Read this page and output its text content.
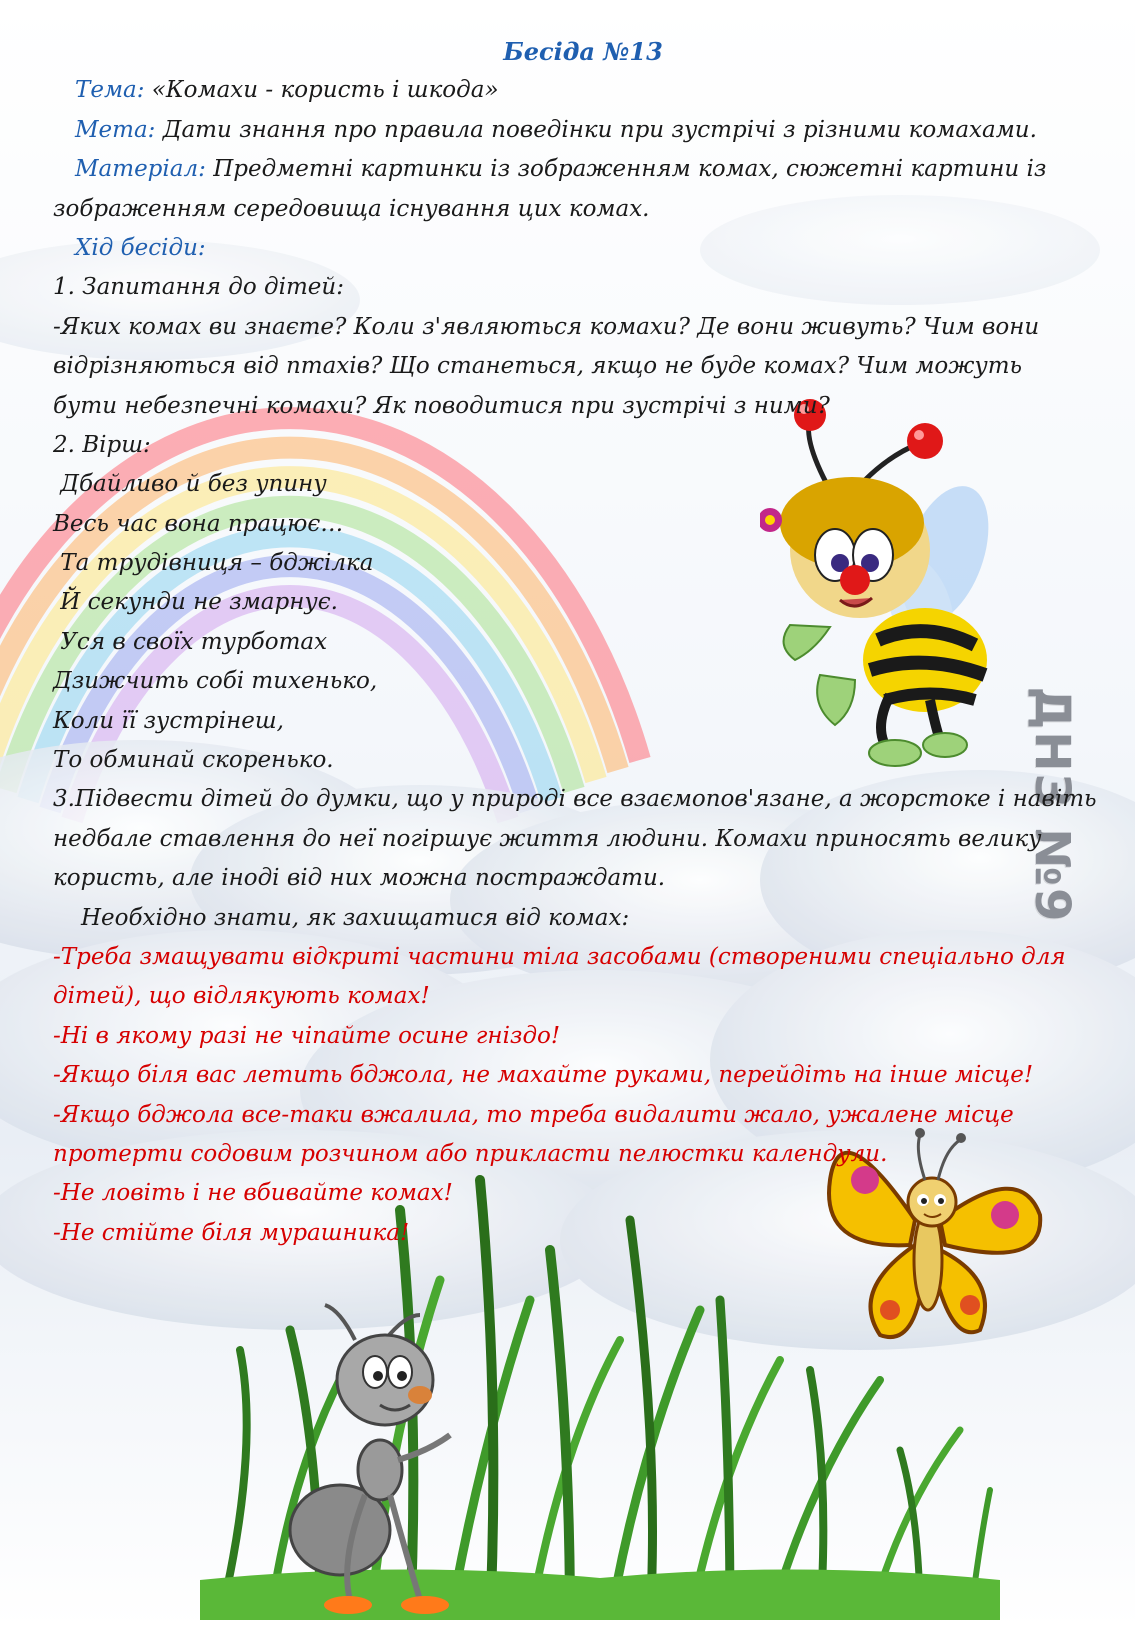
ДНЗ №9
Бесіда №13
Тема: «Комахи - користь і шкода»
Мета: Дати знання про правила поведінки при зустрічі з різними комахами.
Матеріал: Предметні картинки із зображенням комах, сюжетні картини із
зображенням середовища існування цих комах.
Хід бесіди:
1. Запитання до дітей:
-Яких комах ви знаєте? Коли з'являються комахи? Де вони живуть? Чим вони
відрізняються від птахів? Що станеться, якщо не буде комах? Чим можуть
бути небезпечні комахи? Як поводитися при зустрічі з ними?
2. Вірш:
Дбайливо й без упину
Весь час вона працює…
Та трудівниця – бджілка
Й секунди не змарнує.
Уся в своїх турботах
Дзижчить собі тихенько,
Коли її зустрінеш,
То обминай скоренько.
3.Підвести дітей до думки, що у природі все взаємопов'язане, а жорстоке і навіть
недбале ставлення до неї погіршує життя людини. Комахи приносять велику
користь, але іноді від них можна постраждати.
Необхідно знати, як захищатися від комах:
-Треба змащувати відкриті частини тіла засобами (створеними спеціально для
дітей), що відлякують комах!
-Ні в якому разі не чіпайте осине гніздо!
-Якщо біля вас летить бджола, не махайте руками, перейдіть на інше місце!
-Якщо бджола все-таки вжалила, то треба видалити жало, ужалене місце
протерти содовим розчином або прикласти пелюстки календули.
-Не ловіть і не вбивайте комах!
-Не стійте біля мурашника!
